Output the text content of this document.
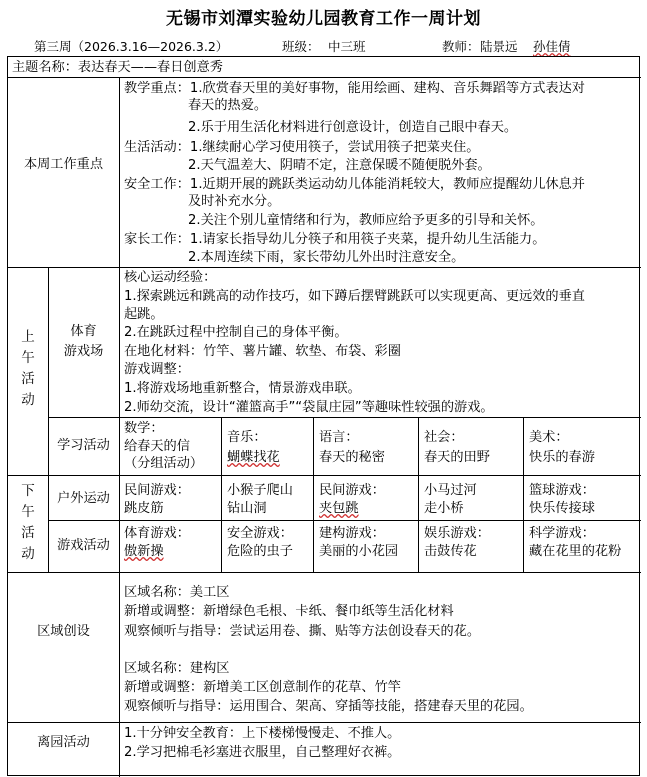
无锡市刘潭实验幼儿园教育工作一周计划
第三周（2026.3.16—2026.3.2）	班级： 中三班	教师： 陆景远 孙佳倩
主题名称：表达春天——春日创意秀
本周工作重点
教学重点：1.欣赏春天里的美好事物，能用绘画、建构、音乐舞蹈等方式表达对
春天的热爱。
2.乐于用生活化材料进行创意设计，创造自己眼中春天。
生活活动：1.继续耐心学习使用筷子，尝试用筷子把菜夹住。
2.天气温差大、阴晴不定，注意保暖不随便脱外套。
安全工作：1.近期开展的跳跃类运动幼儿体能消耗较大，教师应提醒幼儿休息并
及时补充水分。
2.关注个别儿童情绪和行为，教师应给予更多的引导和关怀。
家长工作：1.请家长指导幼儿分筷子和用筷子夹菜，提升幼儿生活能力。
2.本周连续下雨，家长带幼儿外出时注意安全。
上
午
活
动
体育
游戏场
核心运动经验：
1.探索跳远和跳高的动作技巧，如下蹲后摆臂跳跃可以实现更高、更远效的垂直
起跳。
2.在跳跃过程中控制自己的身体平衡。
在地化材料：竹竿、薯片罐、软垫、布袋、彩圈
游戏调整：
1.将游戏场地重新整合，情景游戏串联。
2.师幼交流，设计“灌篮高手”“袋鼠庄园”等趣味性较强的游戏。
学习活动
数学：
给春天的信
（分组活动）
音乐：
蝴蝶找花
语言：
春天的秘密
社会：
春天的田野
美术：
快乐的春游
下
午
活
动
户外运动
民间游戏：
跳皮筋
小猴子爬山
钻山洞
民间游戏：
夹包跳
小马过河
走小桥
篮球游戏：
快乐传接球
游戏活动
体育游戏：
傲新操
安全游戏：
危险的虫子
建构游戏：
美丽的小花园
娱乐游戏：
击鼓传花
科学游戏：
藏在花里的花粉
区域创设
区域名称：美工区
新增或调整：新增绿色毛根、卡纸、餐巾纸等生活化材料
观察倾听与指导：尝试运用卷、撕、贴等方法创设春天的花。
区域名称：建构区
新增或调整：新增美工区创意制作的花草、竹竿
观察倾听与指导：运用围合、架高、穿插等技能，搭建春天里的花园。
离园活动
1.十分钟安全教育：上下楼梯慢慢走、不推人。
2.学习把棉毛衫塞进衣服里，自己整理好衣裤。
